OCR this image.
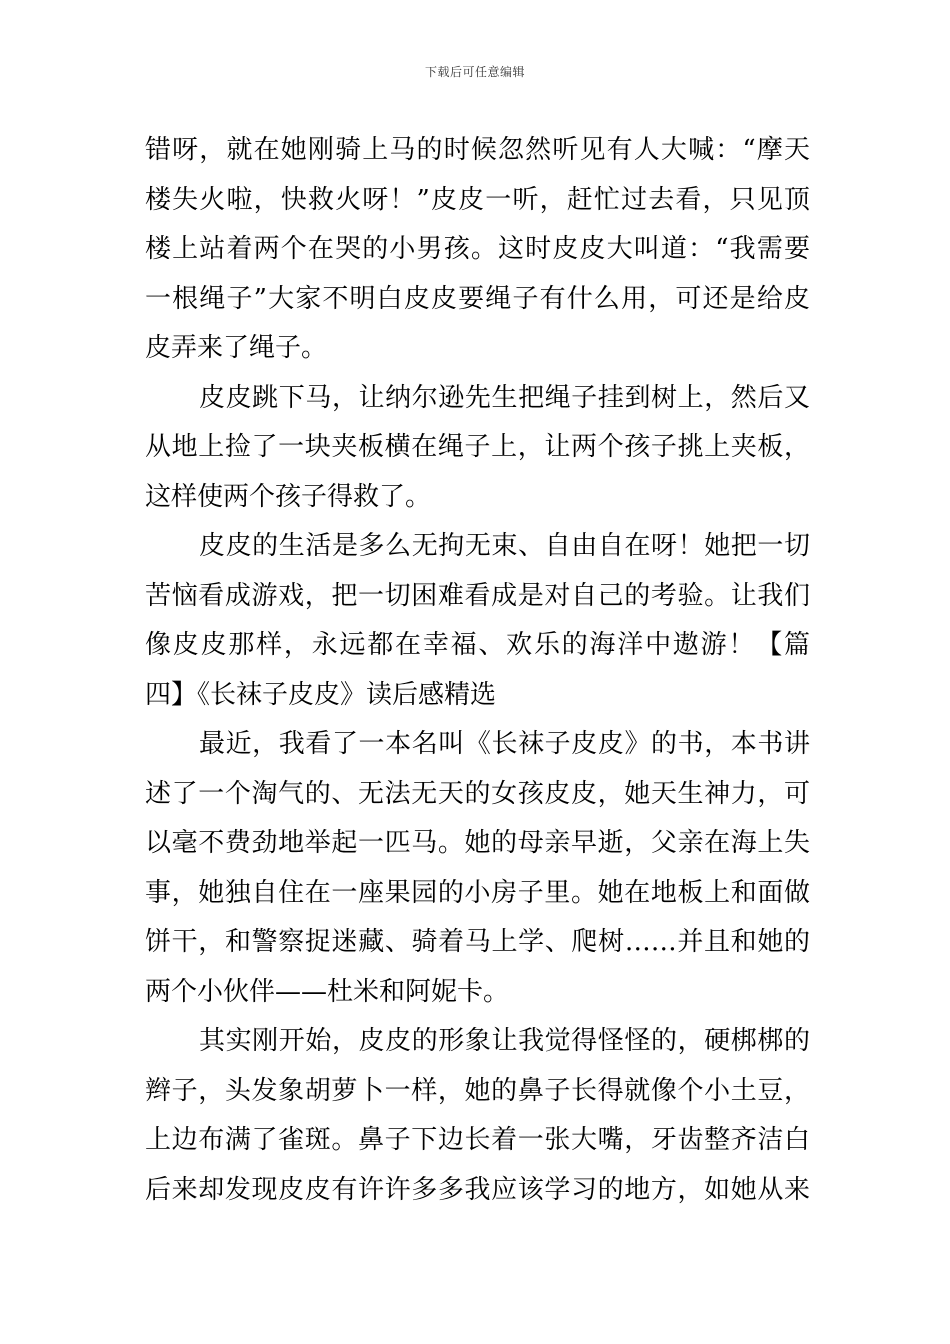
下载后可任意编辑
错呀，就在她刚骑上马的时候忽然听见有人大喊：“摩天
楼失火啦，快救火呀！”皮皮一听，赶忙过去看，只见顶
楼上站着两个在哭的小男孩。这时皮皮大叫道：“我需要
一根绳子”大家不明白皮皮要绳子有什么用，可还是给皮
皮弄来了绳子。
皮皮跳下马，让纳尔逊先生把绳子挂到树上，然后又
从地上捡了一块夹板横在绳子上，让两个孩子挑上夹板，
这样使两个孩子得救了。
皮皮的生活是多么无拘无束、自由自在呀！她把一切
苦恼看成游戏，把一切困难看成是对自己的考验。让我们
像皮皮那样，永远都在幸福、欢乐的海洋中遨游！【篇
四】《长袜子皮皮》读后感精选
最近，我看了一本名叫《长袜子皮皮》的书，本书讲
述了一个淘气的、无法无天的女孩皮皮，她天生神力，可
以毫不费劲地举起一匹马。她的母亲早逝，父亲在海上失
事，她独自住在一座果园的小房子里。她在地板上和面做
饼干，和警察捉迷藏、骑着马上学、爬树……并且和她的
两个小伙伴——杜米和阿妮卡。
其实刚开始，皮皮的形象让我觉得怪怪的，硬梆梆的
辫子，头发象胡萝卜一样，她的鼻子长得就像个小土豆，
上边布满了雀斑。鼻子下边长着一张大嘴，牙齿整齐洁白
后来却发现皮皮有许许多多我应该学习的地方，如她从来
